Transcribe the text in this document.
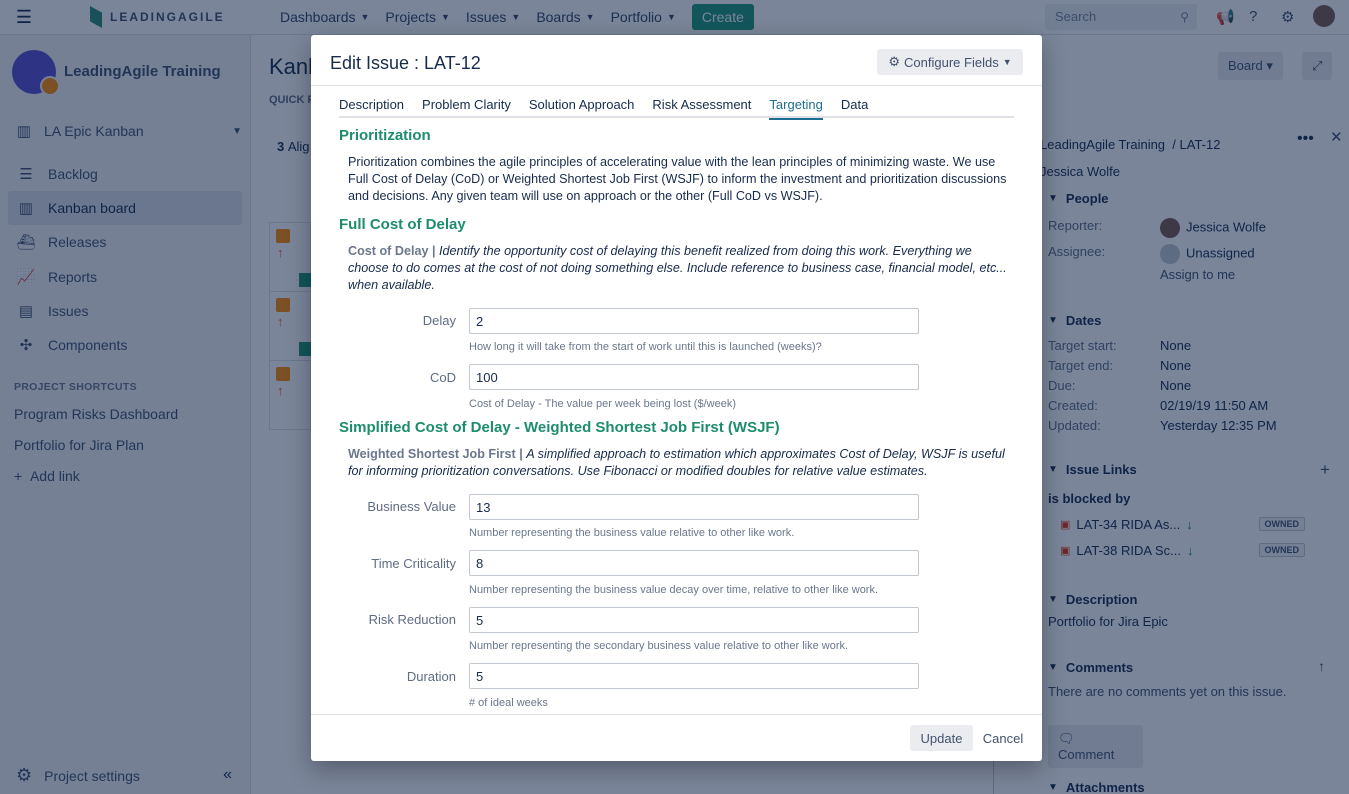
Edit Issue : LAT-12	⚙ Configure Fields ▼
Description Problem Clarity Solution Approach Risk Assessment Targeting Data
Prioritization
Prioritization combines the agile principles of accelerating value with the lean principles of minimizing waste. We use Full Cost of Delay (CoD) or Weighted Shortest Job First (WSJF) to inform the investment and prioritization discussions and decisions. Any given team will use on approach or the other (Full CoD vs WSJF).
Full Cost of Delay
Cost of Delay | Identify the opportunity cost of delaying this benefit realized from doing this work. Everything we choose to do comes at the cost of not doing something else. Include reference to business case, financial model, etc... when available.
Delay	2
How long it will take from the start of work until this is launched (weeks)?
CoD	100
Cost of Delay - The value per week being lost ($/week)
Simplified Cost of Delay - Weighted Shortest Job First (WSJF)
Weighted Shortest Job First | A simplified approach to estimation which approximates Cost of Delay, WSJF is useful for informing prioritization conversations. Use Fibonacci or modified doubles for relative value estimates.
Business Value	13
Number representing the business value relative to other like work.
Time Criticality	8
Number representing the business value decay over time, relative to other like work.
Risk Reduction	5
Number representing the secondary business value relative to other like work.
Duration	5
# of ideal weeks
Update	Cancel
